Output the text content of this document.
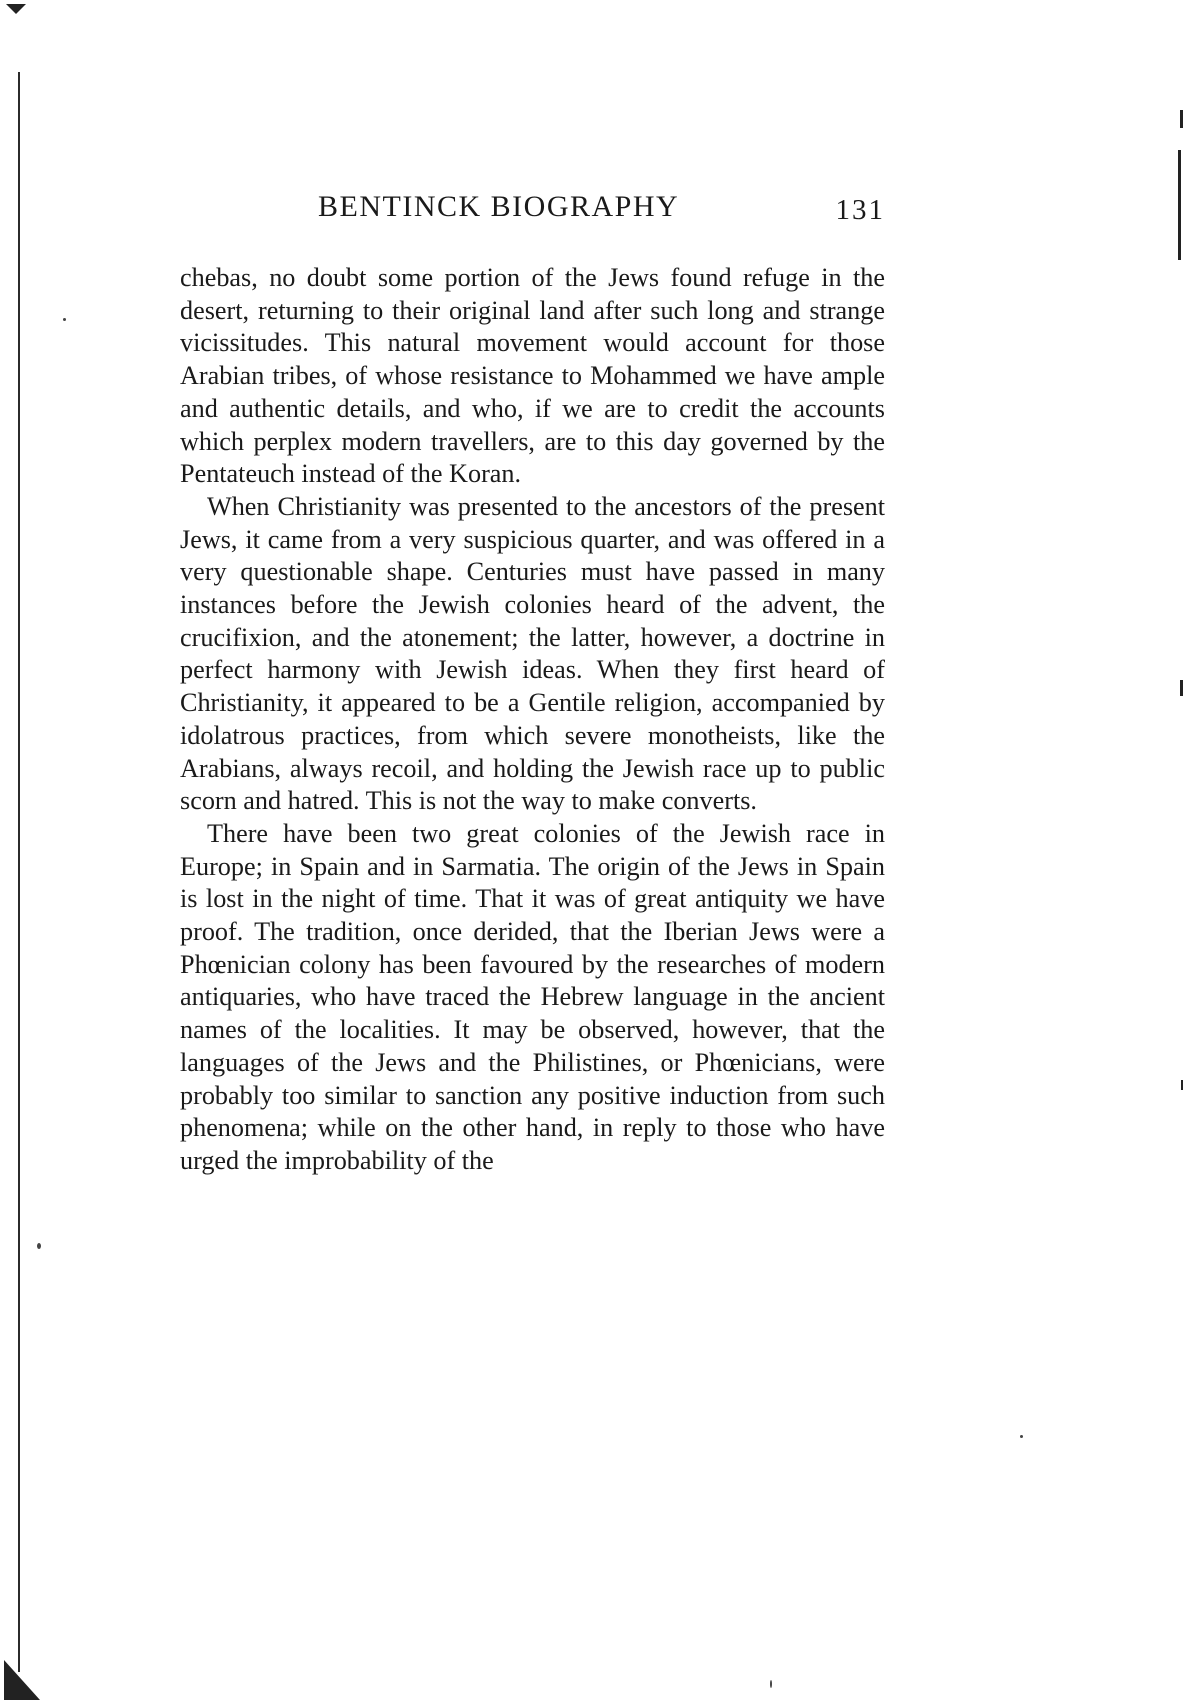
BENTINCK BIOGRAPHY	131

chebas, no doubt some portion of the Jews found refuge in the desert, returning to their original land after such long and strange vicissitudes. This natural movement would account for those Arabian tribes, of whose resistance to Mohammed we have ample and authentic details, and who, if we are to credit the accounts which perplex modern travellers, are to this day governed by the Pentateuch instead of the Koran.

When Christianity was presented to the ancestors of the present Jews, it came from a very suspicious quarter, and was offered in a very questionable shape. Centuries must have passed in many instances before the Jewish colonies heard of the advent, the crucifixion, and the atonement; the latter, however, a doctrine in perfect harmony with Jewish ideas. When they first heard of Christianity, it appeared to be a Gentile religion, accompanied by idolatrous practices, from which severe monotheists, like the Arabians, always recoil, and holding the Jewish race up to public scorn and hatred. This is not the way to make converts.

There have been two great colonies of the Jewish race in Europe; in Spain and in Sarmatia. The origin of the Jews in Spain is lost in the night of time. That it was of great antiquity we have proof. The tradition, once derided, that the Iberian Jews were a Phœnician colony has been favoured by the researches of modern antiquaries, who have traced the Hebrew language in the ancient names of the localities. It may be observed, however, that the languages of the Jews and the Philistines, or Phœnicians, were probably too similar to sanction any positive induction from such phenomena; while on the other hand, in reply to those who have urged the improbability of the
